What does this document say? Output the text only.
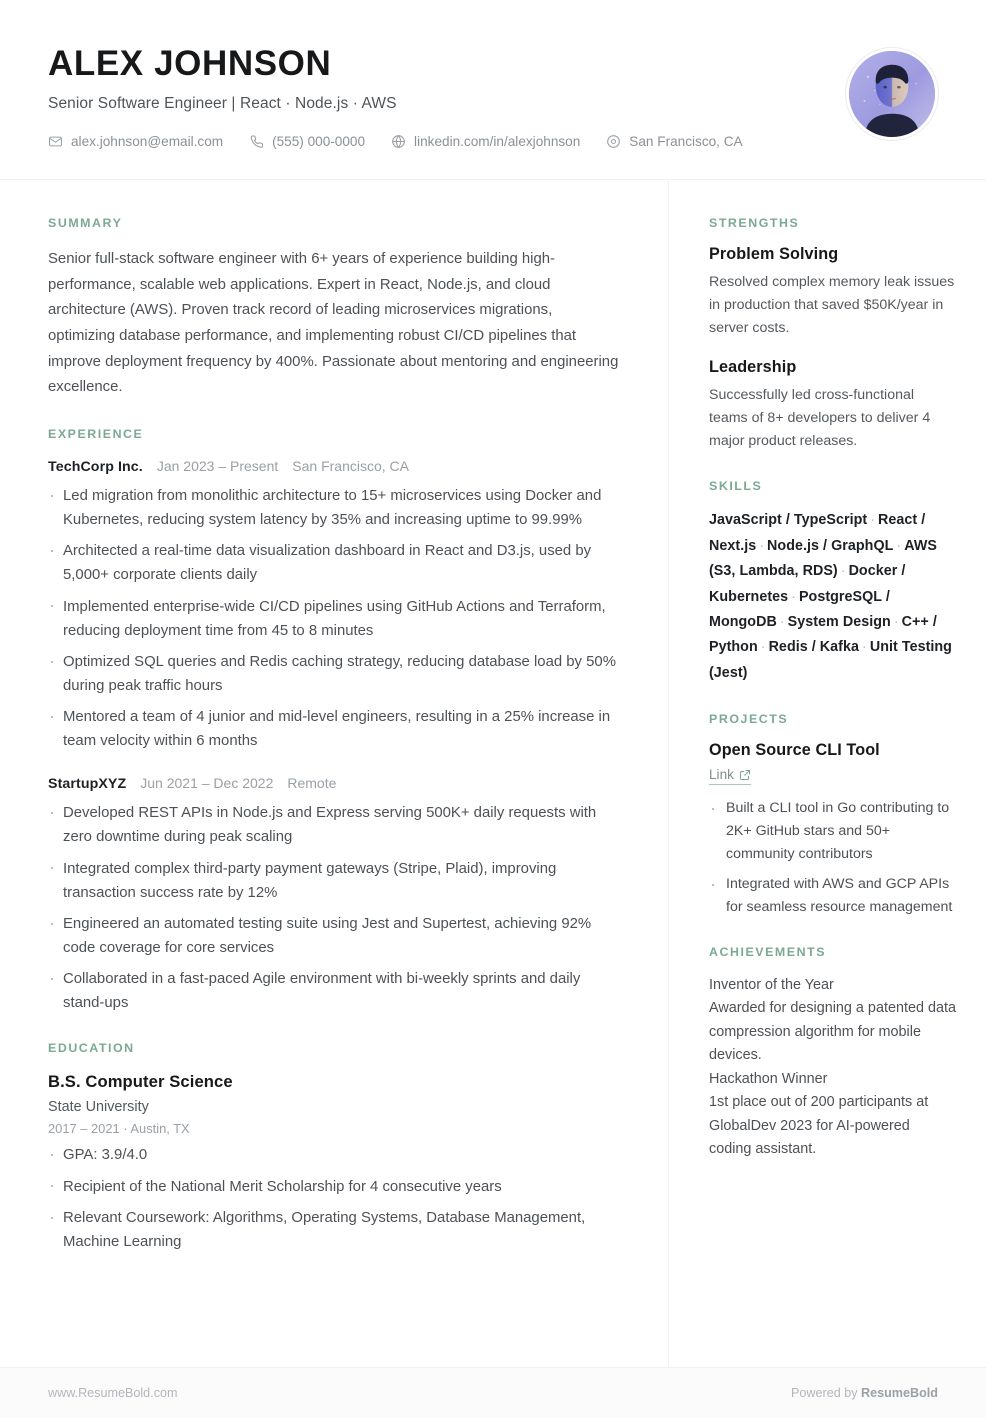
ALEX JOHNSON
Senior Software Engineer | React · Node.js · AWS
alex.johnson@email.com	(555) 000-0000	linkedin.com/in/alexjohnson	San Francisco, CA
SUMMARY
Senior full-stack software engineer with 6+ years of experience building high-performance, scalable web applications. Expert in React, Node.js, and cloud architecture (AWS). Proven track record of leading microservices migrations, optimizing database performance, and implementing robust CI/CD pipelines that improve deployment frequency by 400%. Passionate about mentoring and engineering excellence.
EXPERIENCE
TechCorp Inc. Jan 2023 – Present San Francisco, CA
· Led migration from monolithic architecture to 15+ microservices using Docker and Kubernetes, reducing system latency by 35% and increasing uptime to 99.99%
· Architected a real-time data visualization dashboard in React and D3.js, used by 5,000+ corporate clients daily
· Implemented enterprise-wide CI/CD pipelines using GitHub Actions and Terraform, reducing deployment time from 45 to 8 minutes
· Optimized SQL queries and Redis caching strategy, reducing database load by 50% during peak traffic hours
· Mentored a team of 4 junior and mid-level engineers, resulting in a 25% increase in team velocity within 6 months
StartupXYZ Jun 2021 – Dec 2022 Remote
· Developed REST APIs in Node.js and Express serving 500K+ daily requests with zero downtime during peak scaling
· Integrated complex third-party payment gateways (Stripe, Plaid), improving transaction success rate by 12%
· Engineered an automated testing suite using Jest and Supertest, achieving 92% code coverage for core services
· Collaborated in a fast-paced Agile environment with bi-weekly sprints and daily stand-ups
EDUCATION
B.S. Computer Science
State University
2017 – 2021 · Austin, TX
· GPA: 3.9/4.0
· Recipient of the National Merit Scholarship for 4 consecutive years
· Relevant Coursework: Algorithms, Operating Systems, Database Management, Machine Learning
STRENGTHS
Problem Solving
Resolved complex memory leak issues in production that saved $50K/year in server costs.
Leadership
Successfully led cross-functional teams of 8+ developers to deliver 4 major product releases.
SKILLS
JavaScript / TypeScript · React / Next.js · Node.js / GraphQL · AWS (S3, Lambda, RDS) · Docker / Kubernetes · PostgreSQL / MongoDB · System Design · C++ / Python · Redis / Kafka · Unit Testing (Jest)
PROJECTS
Open Source CLI Tool
Link
· Built a CLI tool in Go contributing to 2K+ GitHub stars and 50+ community contributors
· Integrated with AWS and GCP APIs for seamless resource management
ACHIEVEMENTS
Inventor of the Year
Awarded for designing a patented data compression algorithm for mobile devices.
Hackathon Winner
1st place out of 200 participants at GlobalDev 2023 for AI-powered coding assistant.
www.ResumeBold.com	Powered by ResumeBold
